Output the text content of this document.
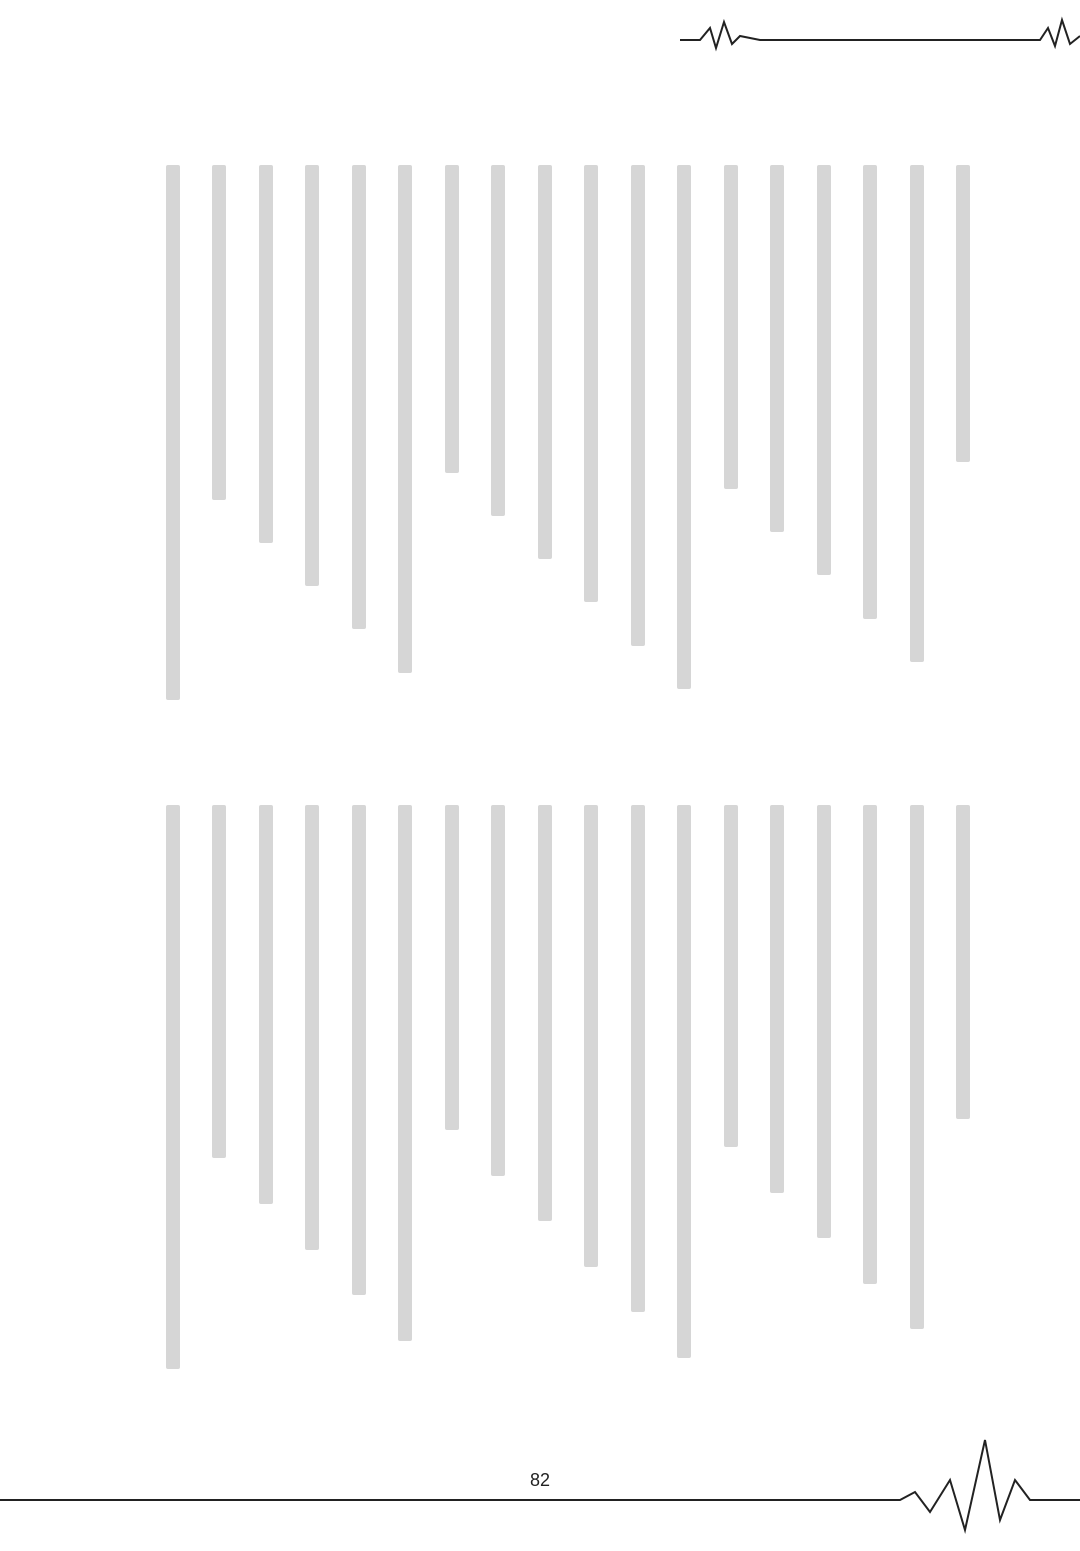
82
